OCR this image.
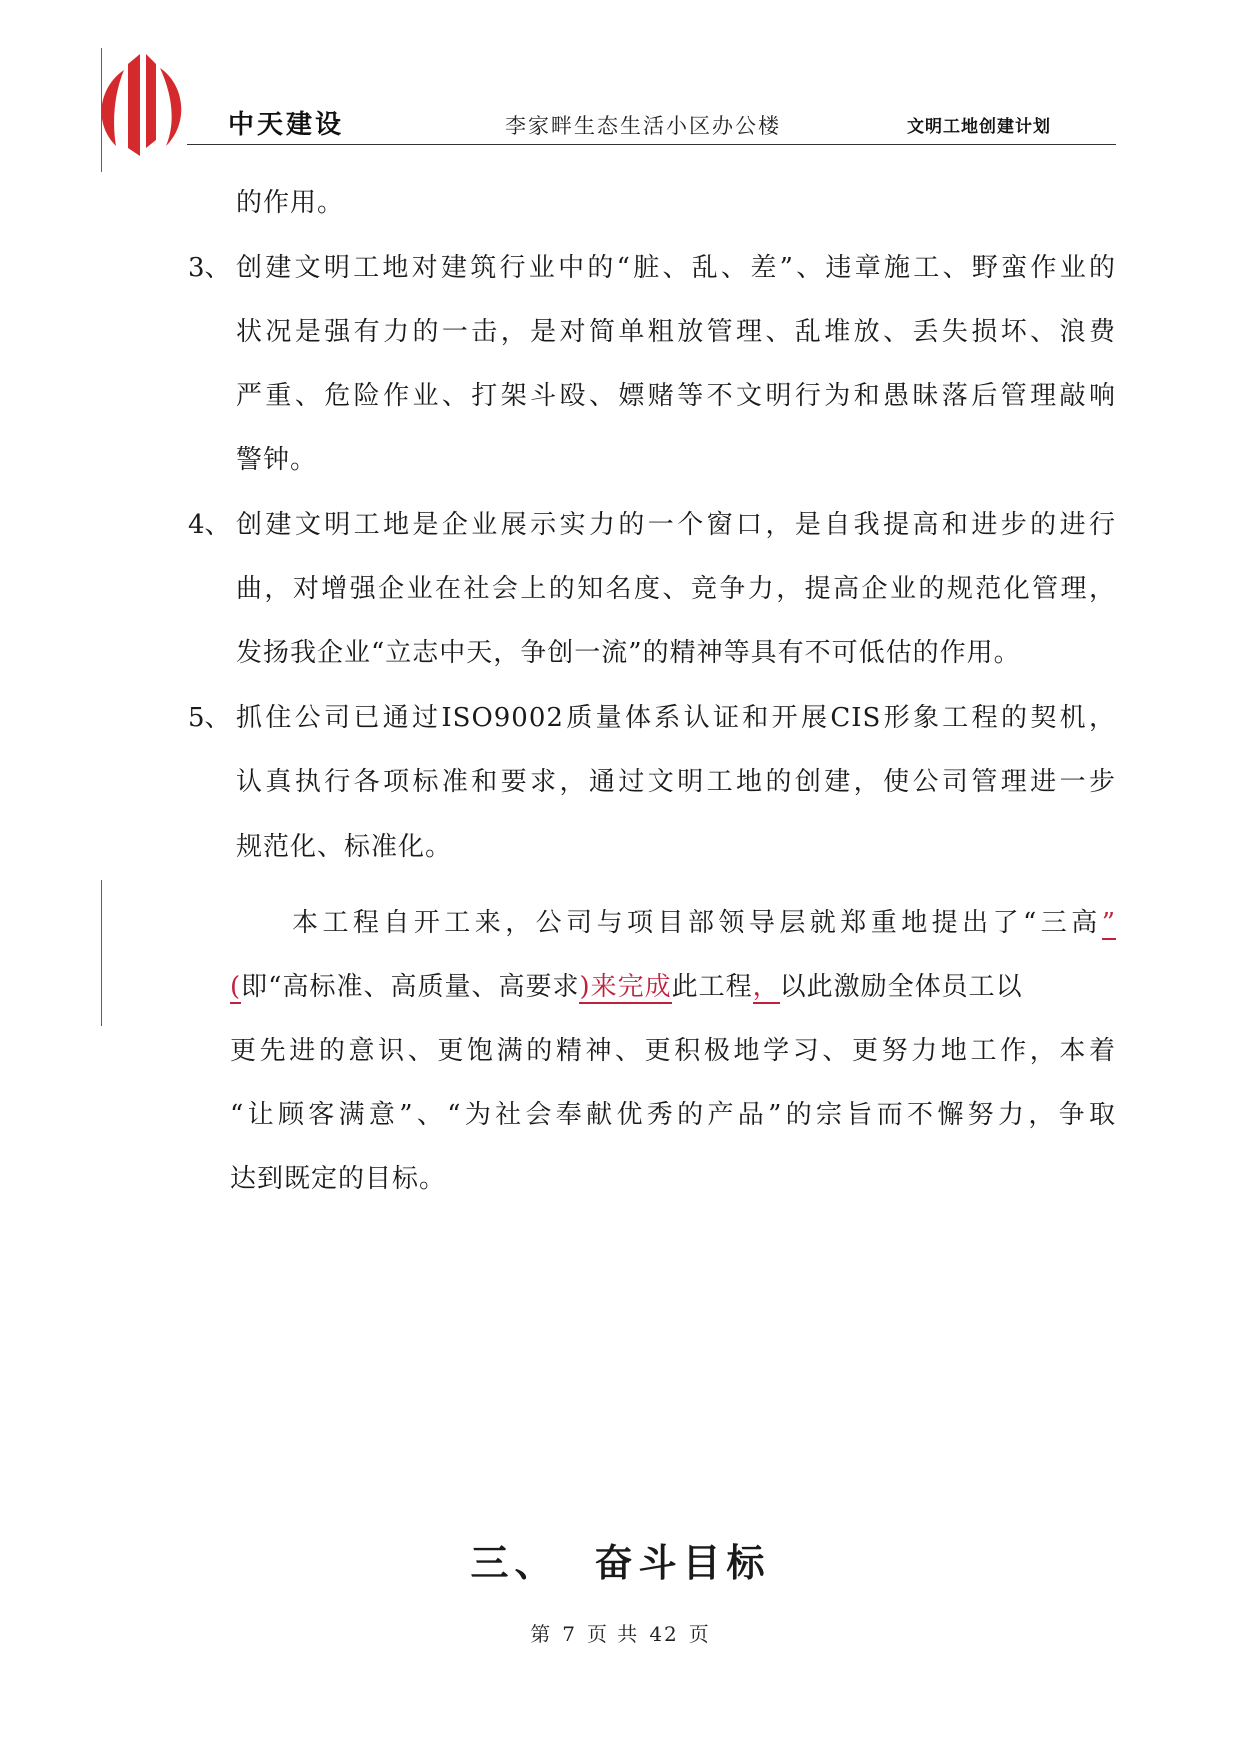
中天建设	李家畔生态生活小区办公楼	文明工地创建计划
的作用。
3、 创建文明工地对建筑行业中的“脏、乱、差”、违章施工、野蛮作业的
状况是强有力的一击，是对简单粗放管理、乱堆放、丢失损坏、浪费
严重、危险作业、打架斗殴、嫖赌等不文明行为和愚昧落后管理敲响
警钟。
4、 创建文明工地是企业展示实力的一个窗口，是自我提高和进步的进行
曲，对增强企业在社会上的知名度、竞争力，提高企业的规范化管理，
发扬我企业“立志中天，争创一流”的精神等具有不可低估的作用。
5、 抓住公司已通过ISO9002质量体系认证和开展CIS形象工程的契机，
认真执行各项标准和要求，通过文明工地的创建，使公司管理进一步
规范化、标准化。
本工程自开工来，公司与项目部领导层就郑重地提出了“三高”
(即“高标准、高质量、高要求)来完成此工程，以此激励全体员工以
更先进的意识、更饱满的精神、更积极地学习、更努力地工作，本着
“让顾客满意”、“为社会奉献优秀的产品”的宗旨而不懈努力，争取
达到既定的目标。
三、 奋斗目标
第 7 页 共 42 页
